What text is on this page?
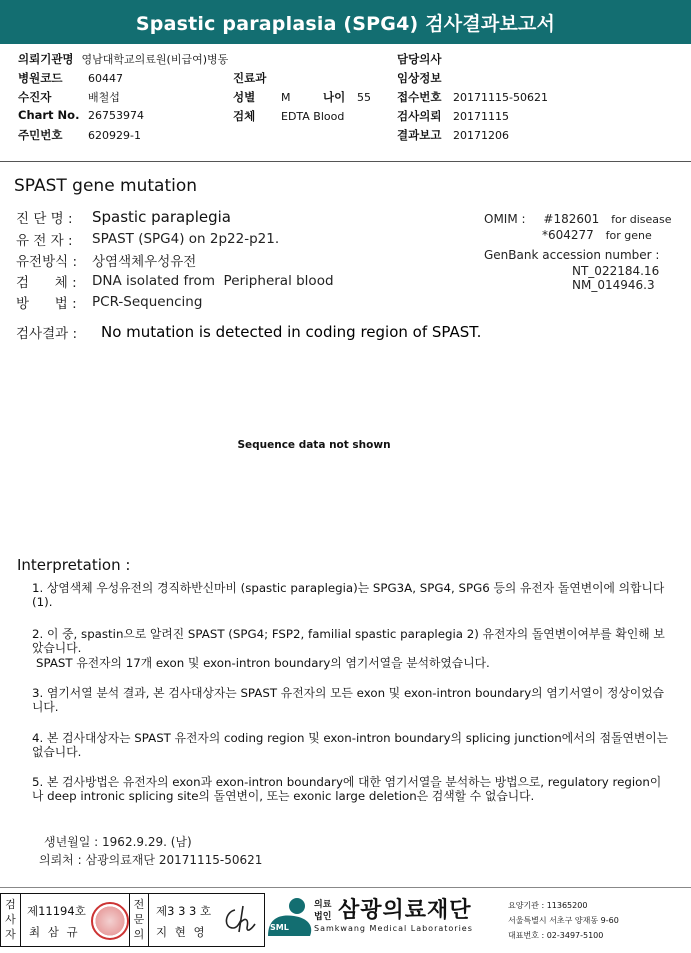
Spastic paraplasia (SPG4) 검사결과보고서
의뢰기관명 영남대학교의료원(비급여)병동
병원코드 60447
수진자	배철섭
Chart No. 26753974
주민번호 620929-1
진료과
성별 M	나이 55
검체 EDTA Blood
담당의사
임상정보
접수번호 20171115-50621
검사의뢰 20171115
결과보고 20171206
SPAST gene mutation
진 단 명 :	Spastic paraplegia
유 전 자 :	SPAST (SPG4) on 2p22-p21.
유전방식 :	상염색체우성유전
검      체 :	DNA isolated from  Peripheral blood
방      법 :	PCR-Sequencing
OMIM : #182601 for disease
*604277 for gene
GenBank accession number :
NT_022184.16
NM_014946.3
검사결과 :	No mutation is detected in coding region of SPAST.
Sequence data not shown
Interpretation :
1. 상염색체 우성유전의 경직하반신마비 (spastic paraplegia)는 SPG3A, SPG4, SPG6 등의 유전자 돌연변이에 의합니다 (1).
2. 이 중, spastin으로 알려진 SPAST (SPG4; FSP2, familial spastic paraplegia 2) 유전자의 돌연변이여부를 확인해 보았습니다.
SPAST 유전자의 17개 exon 및 exon-intron boundary의 염기서열을 분석하였습니다.
3. 염기서열 분석 결과, 본 검사대상자는 SPAST 유전자의 모든 exon 및 exon-intron boundary의 염기서열이 정상이었습니다.
4. 본 검사대상자는 SPAST 유전자의 coding region 및 exon-intron boundary의 splicing junction에서의 점돌연변이는 없습니다.
5. 본 검사방법은 유전자의 exon과 exon-intron boundary에 대한 염기서열을 분석하는 방법으로, regulatory region이나 deep intronic splicing site의 돌연변이, 또는 exonic large deletion은 검색할 수 없습니다.
생년월일 : 1962.9.29. (남)
의뢰처 : 삼광의료재단 20171115-50621
검
사
자
제11194호
최 삼 규
전
문
의
제3 3 3 호
지 현 영	SML
의료
법인 삼광의료재단
Samkwang Medical Laboratories
요양기관 : 11365200
서울특별시 서초구 양재동 9-60
대표번호 : 02-3497-5100
